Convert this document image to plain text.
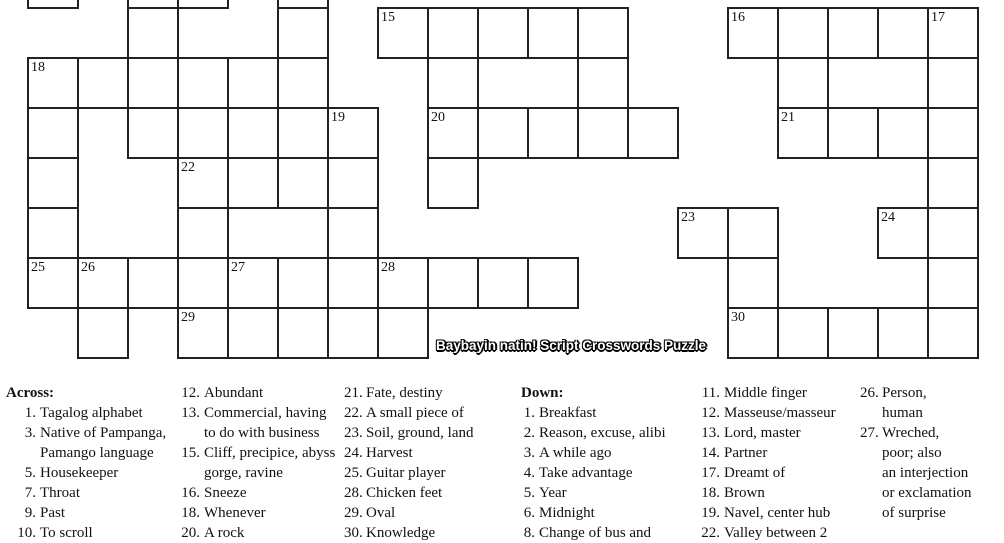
15	16	17
18
19	20	21
22
23	24
25	26	27	28
29	30
Baybayin natin! Script Crosswords Puzzle
Across:
1. Tagalog alphabet
3. Native of Pampanga,
Pamango language
5. Housekeeper
7. Throat
9. Past
10. To scroll
12. Abundant
13. Commercial, having
to do with business
15. Cliff, precipice, abyss
gorge, ravine
16. Sneeze
18. Whenever
20. A rock
21. Fate, destiny
22. A small piece of
23. Soil, ground, land
24. Harvest
25. Guitar player
28. Chicken feet
29. Oval
30. Knowledge
Down:
1. Breakfast
2. Reason, excuse, alibi
3. A while ago
4. Take advantage
5. Year
6. Midnight
8. Change of bus and
11. Middle finger
12. Masseuse/masseur
13. Lord, master
14. Partner
17. Dreamt of
18. Brown
19. Navel, center hub
22. Valley between 2
26. Person,
human
27. Wreched,
poor; also
an interjection
or exclamation
of surprise
